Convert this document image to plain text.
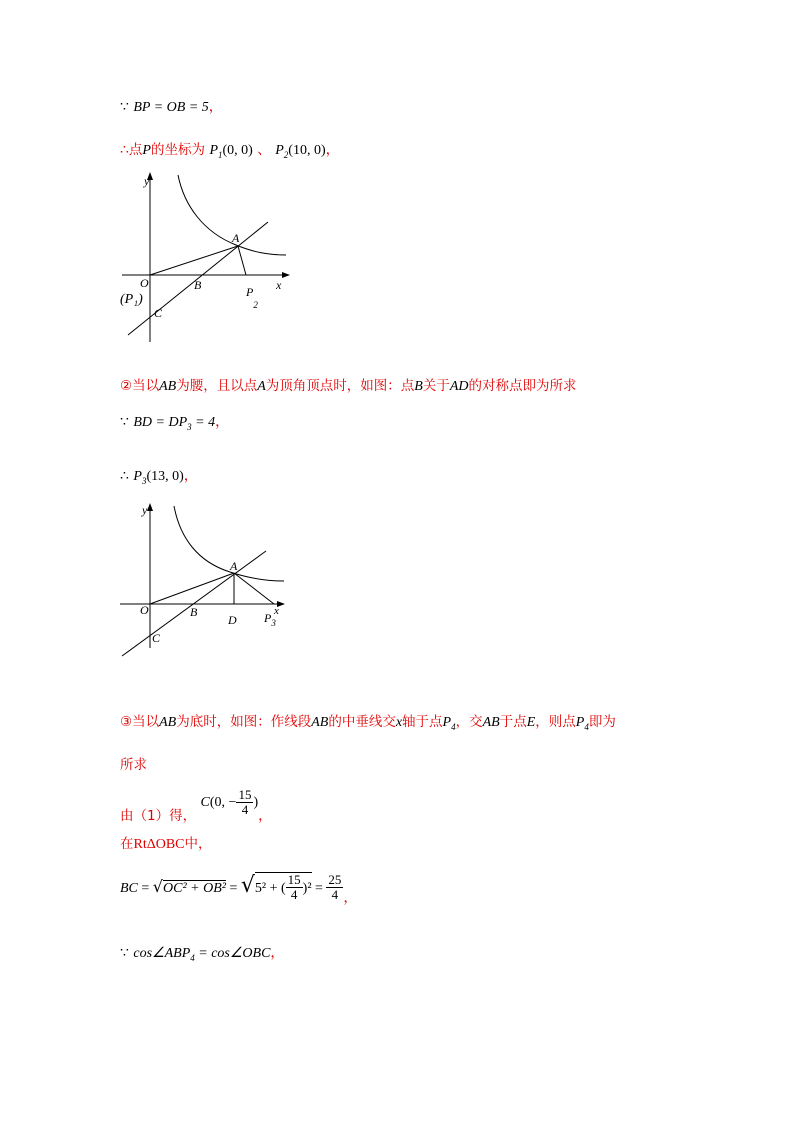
∵ BP = OB = 5，
∴点P的坐标为 $P_1(0$, 0) 、 $P_2(10$, 0)，
y
x
O
A
B
C
(P₁)	$P_2$
②当以AB为腰，且以点A为顶角顶点时，如图：点B关于AD的对称点即为所求
∵ BD = $DP_3 = 4$，
∴ $P_3(13$, 0)，
y
x
O
A
B
C
D $P_3$
③当以AB为底时，如图：作线段AB的中垂线交x轴于点$P_4$，交AB于点E，则点$P_4$即为
所求
由（1）得， C(0, − $\frac{15}{4}$ )，
在RtΔOBC中，
BC = √OC² + OB² = √5² + ( $\frac{15}{4} )^2 = \frac{25}{4}$ ，
∵ $\cos\angle ABP_4$ = cos∠OBC，
